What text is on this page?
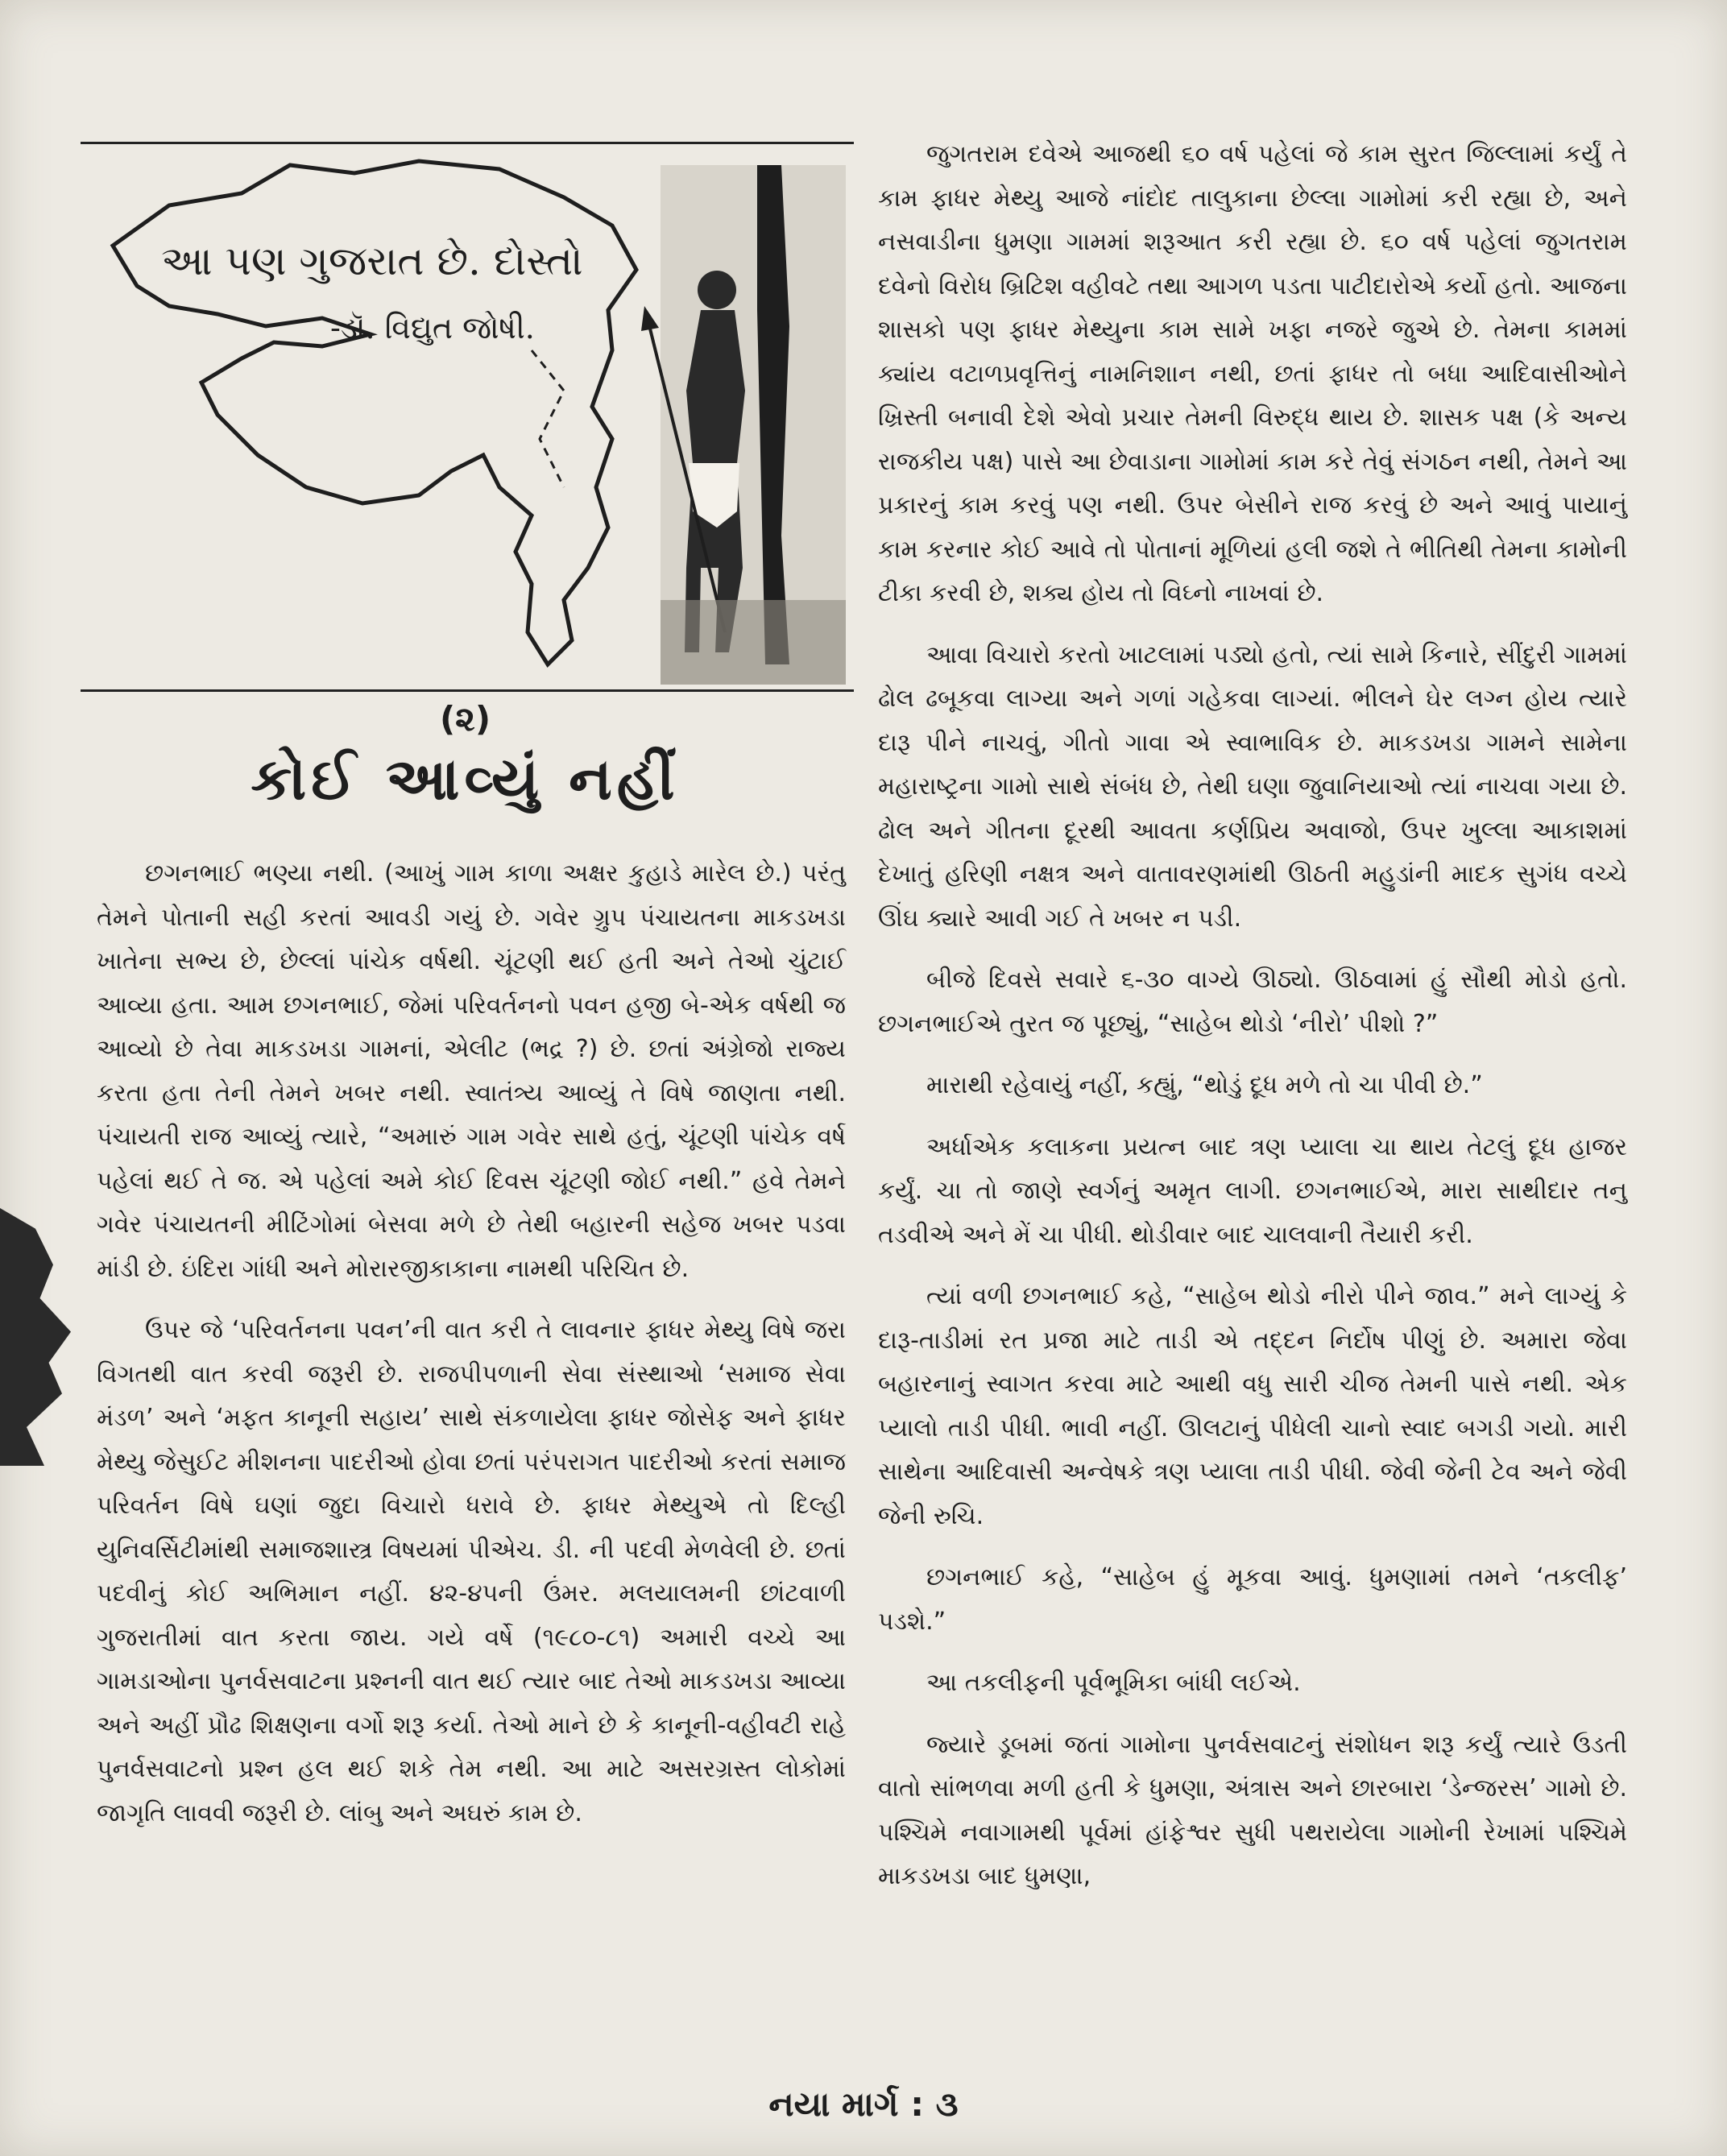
આ પણ ગુજરાત છે. દોસ્તો
-ડૉ. વિદ્યુત જોષી.
(૨)
કોઈ આવ્યું નહીં

છગનભાઈ ભણ્યા નથી. (આખું ગામ કાળા અક્ષર કુહાડે મારેલ છે.) પરંતુ તેમને પોતાની સહી કરતાં આવડી ગયું છે. ગવેર ગ્રુપ પંચાયતના માકડખડા ખાતેના સભ્ય છે, છેલ્લાં પાંચેક વર્ષથી. ચૂંટણી થઈ હતી અને તેઓ ચુંટાઈ આવ્યા હતા. આમ છગનભાઈ, જેમાં પરિવર્તનનો પવન હજી બે-એક વર્ષથી જ આવ્યો છે તેવા માકડખડા ગામનાં, એલીટ (ભદ્ર ?) છે. છતાં અંગ્રેજો રાજ્ય કરતા હતા તેની તેમને ખબર નથી. સ્વાતંત્ર્ય આવ્યું તે વિષે જાણતા નથી. પંચાયતી રાજ આવ્યું ત્યારે, “અમારું ગામ ગવેર સાથે હતું, ચૂંટણી પાંચેક વર્ષ પહેલાં થઈ તે જ. એ પહેલાં અમે કોઈ દિવસ ચૂંટણી જોઈ નથી.” હવે તેમને ગવેર પંચાયતની મીટિંગોમાં બેસવા મળે છે તેથી બહારની સહેજ ખબર પડવા માંડી છે. ઇંદિરા ગાંધી અને મોરારજીકાકાના નામથી પરિચિત છે.

ઉપર જે ‘પરિવર્તનના પવન’ની વાત કરી તે લાવનાર ફાધર મેથ્યુ વિષે જરા વિગતથી વાત કરવી જરૂરી છે. રાજપીપળાની સેવા સંસ્થાઓ ‘સમાજ સેવા મંડળ’ અને ‘મફત કાનૂની સહાય’ સાથે સંકળાયેલા ફાધર જોસેફ અને ફાધર મેથ્યુ જેસુઈટ મીશનના પાદરીઓ હોવા છતાં પરંપરાગત પાદરીઓ કરતાં સમાજ પરિવર્તન વિષે ઘણાં જુદા વિચારો ધરાવે છે. ફાધર મેથ્યુએ તો દિલ્હી યુનિવર્સિટીમાંથી સમાજશાસ્ત્ર વિષયમાં પીએચ. ડી. ની પદવી મેળવેલી છે. છતાં પદવીનું કોઈ અભિમાન નહીં. ૪૨-૪૫ની ઉંમર. મલયાલમની છાંટવાળી ગુજરાતીમાં વાત કરતા જાય. ગયે વર્ષે (૧૯૮૦-૮૧) અમારી વચ્ચે આ ગામડાઓના પુનર્વસવાટના પ્રશ્નની વાત થઈ ત્યાર બાદ તેઓ માકડખડા આવ્યા અને અહીં પ્રૌઢ શિક્ષણના વર્ગો શરૂ કર્યા. તેઓ માને છે કે કાનૂની-વહીવટી રાહે પુનર્વસવાટનો પ્રશ્ન હલ થઈ શકે તેમ નથી. આ માટે અસરગ્રસ્ત લોકોમાં જાગૃતિ લાવવી જરૂરી છે. લાંબુ અને અઘરું કામ છે.

જુગતરામ દવેએ આજથી ૬૦ વર્ષ પહેલાં જે કામ સુરત જિલ્લામાં કર્યું તે કામ ફાધર મેથ્યુ આજે નાંદોદ તાલુકાના છેલ્લા ગામોમાં કરી રહ્યા છે, અને નસવાડીના ધુમણા ગામમાં શરૂઆત કરી રહ્યા છે. ૬૦ વર્ષ પહેલાં જુગતરામ દવેનો વિરોધ બ્રિટિશ વહીવટે તથા આગળ પડતા પાટીદારોએ કર્યો હતો. આજના શાસકો પણ ફાધર મેથ્યુના કામ સામે ખફા નજરે જુએ છે. તેમના કામમાં ક્યાંય વટાળપ્રવૃત્તિનું નામનિશાન નથી, છતાં ફાધર તો બધા આદિવાસીઓને ખ્રિસ્તી બનાવી દેશે એવો પ્રચાર તેમની વિરુદ્ધ થાય છે. શાસક પક્ષ (કે અન્ય રાજકીય પક્ષ) પાસે આ છેવાડાના ગામોમાં કામ કરે તેવું સંગઠન નથી, તેમને આ પ્રકારનું કામ કરવું પણ નથી. ઉપર બેસીને રાજ કરવું છે અને આવું પાયાનું કામ કરનાર કોઈ આવે તો પોતાનાં મૂળિયાં હલી જશે તે ભીતિથી તેમના કામોની ટીકા કરવી છે, શક્ય હોય તો વિઘ્નો નાખવાં છે.

આવા વિચારો કરતો ખાટલામાં પડ્યો હતો, ત્યાં સામે કિનારે, સીંદુરી ગામમાં ઢોલ ઢબૂકવા લાગ્યા અને ગળાં ગહેકવા લાગ્યાં. ભીલને ઘેર લગ્ન હોય ત્યારે દારૂ પીને નાચવું, ગીતો ગાવા એ સ્વાભાવિક છે. માકડખડા ગામને સામેના મહારાષ્ટ્રના ગામો સાથે સંબંધ છે, તેથી ઘણા જુવાનિયાઓ ત્યાં નાચવા ગયા છે. ઢોલ અને ગીતના દૂરથી આવતા કર્ણપ્રિય અવાજો, ઉપર ખુલ્લા આકાશમાં દેખાતું હરિણી નક્ષત્ર અને વાતાવરણમાંથી ઊઠતી મહુડાંની માદક સુગંધ વચ્ચે ઊંઘ ક્યારે આવી ગઈ તે ખબર ન પડી.

બીજે દિવસે સવારે ૬-૩૦ વાગ્યે ઊઠ્યો. ઊઠવામાં હું સૌથી મોડો હતો. છગનભાઈએ તુરત જ પૂછ્યું, “સાહેબ થોડો ‘નીરો’ પીશો ?”

મારાથી રહેવાયું નહીં, કહ્યું, “થોડું દૂધ મળે તો ચા પીવી છે.”

અર્ધાએક કલાકના પ્રયત્ન બાદ ત્રણ પ્યાલા ચા થાય તેટલું દૂધ હાજર કર્યું. ચા તો જાણે સ્વર્ગનું અમૃત લાગી. છગનભાઈએ, મારા સાથીદાર તનુ તડવીએ અને મેં ચા પીધી. થોડીવાર બાદ ચાલવાની તૈયારી કરી.

ત્યાં વળી છગનભાઈ કહે, “સાહેબ થોડો નીરો પીને જાવ.” મને લાગ્યું કે દારૂ-તાડીમાં રત પ્રજા માટે તાડી એ તદ્દન નિર્દોષ પીણું છે. અમારા જેવા બહારનાનું સ્વાગત કરવા માટે આથી વધુ સારી ચીજ તેમની પાસે નથી. એક પ્યાલો તાડી પીધી. ભાવી નહીં. ઊલટાનું પીધેલી ચાનો સ્વાદ બગડી ગયો. મારી સાથેના આદિવાસી અન્વેષકે ત્રણ પ્યાલા તાડી પીધી. જેવી જેની ટેવ અને જેવી જેની રુચિ.

છગનભાઈ કહે, “સાહેબ હું મૂકવા આવું. ધુમણામાં તમને ‘તકલીફ’ પડશે.”

આ તકલીફની પૂર્વભૂમિકા બાંધી લઈએ.

જ્યારે ડૂબમાં જતાં ગામોના પુનર્વસવાટનું સંશોધન શરૂ કર્યું ત્યારે ઉડતી વાતો સાંભળવા મળી હતી કે ધુમણા, અંત્રાસ અને છારબારા ‘ડેન્જરસ’ ગામો છે. પશ્ચિમે નવાગામથી પૂર્વમાં હાંફેશ્વર સુધી પથરાયેલા ગામોની રેખામાં પશ્ચિમે માકડખડા બાદ ધુમણા,

નયા માર્ગ : ૩
